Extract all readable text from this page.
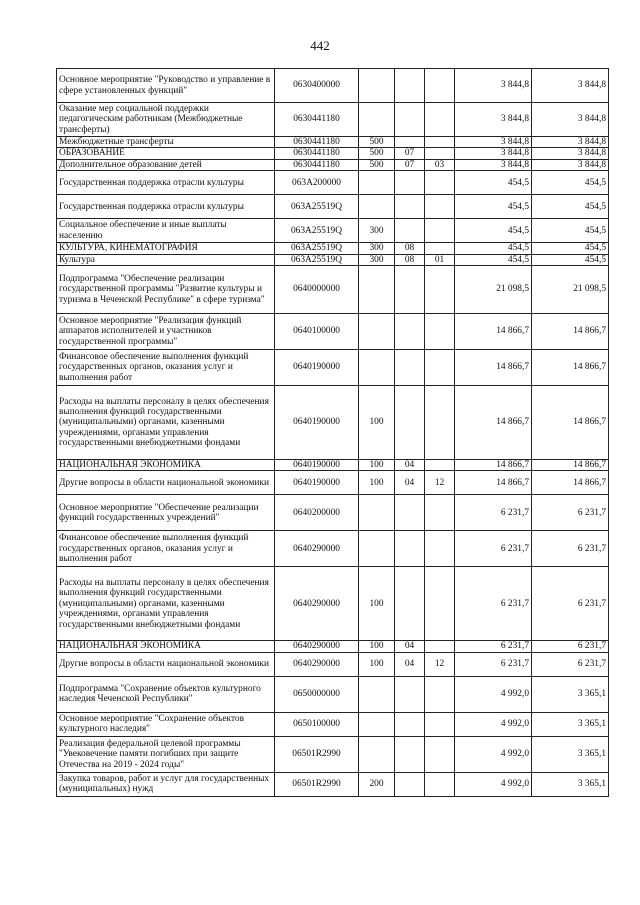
442
Основное мероприятие "Руководство и управление в сфере установленных функций"	0630400000				3 844,8	3 844,8
Оказание мер социальной поддержки педагогическим работникам (Межбюджетные трансферты)	0630441180				3 844,8	3 844,8
Межбюджетные трансферты	0630441180	500			3 844,8	3 844,8
ОБРАЗОВАНИЕ	0630441180	500	07		3 844,8	3 844,8
Дополнительное образование детей	0630441180	500	07	03	3 844,8	3 844,8
Государственная поддержка отрасли культуры	063A200000				454,5	454,5
Государственная поддержка отрасли культуры	063A25519Q				454,5	454,5
Социальное обеспечение и иные выплаты населению	063A25519Q	300			454,5	454,5
КУЛЬТУРА, КИНЕМАТОГРАФИЯ	063A25519Q	300	08		454,5	454,5
Культура	063A25519Q	300	08	01	454,5	454,5
Подпрограмма "Обеспечение реализации государственной программы "Развитие культуры и туризма в Чеченской Республике" в сфере туризма"	0640000000				21 098,5	21 098,5
Основное мероприятие "Реализация функций аппаратов исполнителей и участников государственной программы"	0640100000				14 866,7	14 866,7
Финансовое обеспечение выполнения функций государственных органов, оказания услуг и выполнения работ	0640190000				14 866,7	14 866,7
Расходы на выплаты персоналу в целях обеспечения выполнения функций государственными (муниципальными) органами, казенными учреждениями, органами управления государственными внебюджетными фондами	0640190000	100			14 866,7	14 866,7
НАЦИОНАЛЬНАЯ ЭКОНОМИКА	0640190000	100	04		14 866,7	14 866,7
Другие вопросы в области национальной экономики	0640190000	100	04	12	14 866,7	14 866,7
Основное мероприятие "Обеспечение реализации функций государственных учреждений"	0640200000				6 231,7	6 231,7
Финансовое обеспечение выполнения функций государственных органов, оказания услуг и выполнения работ	0640290000				6 231,7	6 231,7
Расходы на выплаты персоналу в целях обеспечения выполнения функций государственными (муниципальными) органами, казенными учреждениями, органами управления государственными внебюджетными фондами	0640290000	100			6 231,7	6 231,7
НАЦИОНАЛЬНАЯ ЭКОНОМИКА	0640290000	100	04		6 231,7	6 231,7
Другие вопросы в области национальной экономики	0640290000	100	04	12	6 231,7	6 231,7
Подпрограмма "Сохранение объектов культурного наследия Чеченской Республики"	0650000000				4 992,0	3 365,1
Основное мероприятие "Сохранение объектов культурного наследия"	0650100000				4 992,0	3 365,1
Реализация федеральной целевой программы "Увековечение памяти погибших при защите Отечества на 2019 - 2024 годы"	06501R2990				4 992,0	3 365,1
Закупка товаров, работ и услуг для государственных (муниципальных) нужд	06501R2990	200			4 992,0	3 365,1
